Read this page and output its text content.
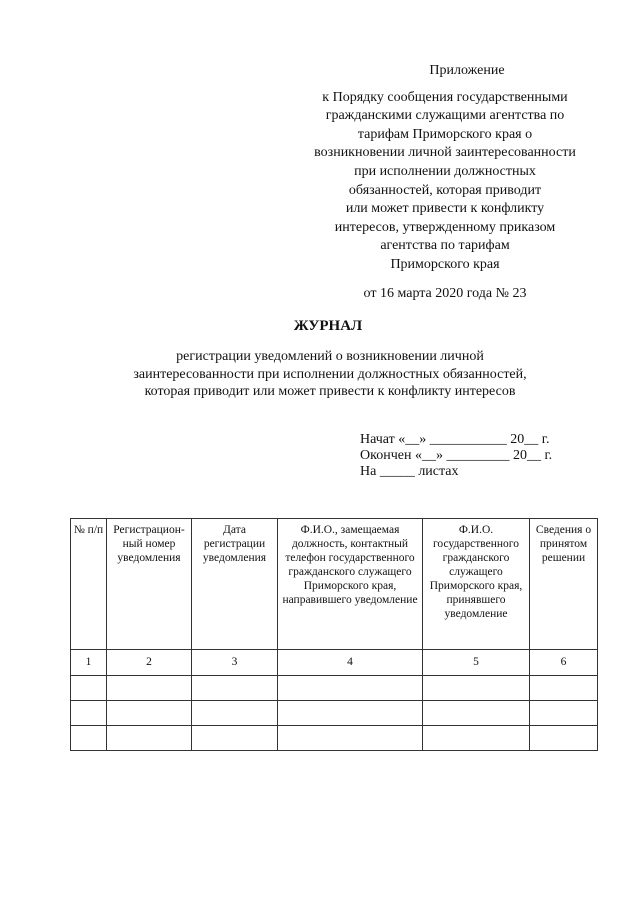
Приложение
к Порядку сообщения государственными
гражданскими служащими агентства по
тарифам Приморского края о
возникновении личной заинтересованности
при исполнении должностных
обязанностей, которая приводит
или может привести к конфликту
интересов, утвержденному приказом
агентства по тарифам
Приморского края
от 16 марта 2020 года № 23
ЖУРНАЛ
регистрации уведомлений о возникновении личной
заинтересованности при исполнении должностных обязанностей,
которая приводит или может привести к конфликту интересов
Начат «__» ___________ 20__ г.
Окончен «__» _________ 20__ г.
На _____ листах
№ п/п	Регистрацион-ный номер уведомления	Дата регистрации уведомления	Ф.И.О., замещаемая должность, контактный телефон государственного гражданского служащего Приморского края, направившего уведомление	Ф.И.О. государственного гражданского служащего Приморского края, принявшего уведомление	Сведения о принятом решении
1	2	3	4	5	6
